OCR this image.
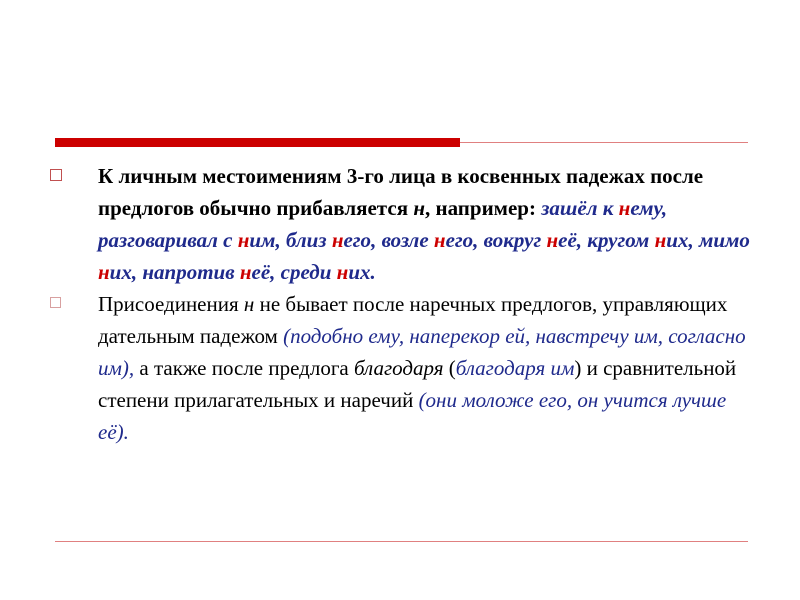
К личным местоимениям 3-го лица в косвенных падежах после предлогов обычно прибавляется н, например: зашёл к нему, разговаривал с ним, близ него, возле него, вокруг неё, кругом них, мимо них, напротив неё, среди них.
Присоединения н не бывает после наречных предлогов, управляющих дательным падежом (подобно ему, наперекор ей, навстречу им, согласно им), а также после предлога благодаря (благодаря им) и сравнительной степени прилагательных и наречий (они моложе его, он учится лучше её).
